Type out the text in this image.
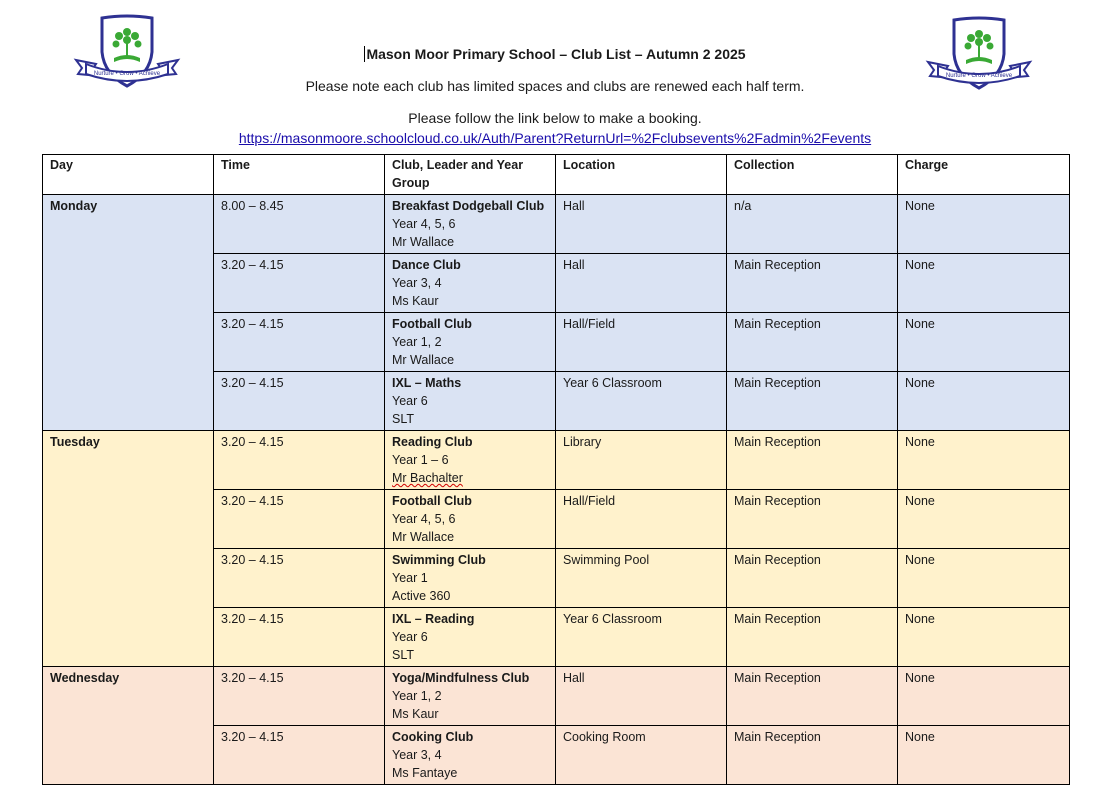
Nurture • Grow • Achieve	Nurture • Grow • Achieve
Mason Moor Primary School – Club List – Autumn 2 2025
Please note each club has limited spaces and clubs are renewed each half term.
Please follow the link below to make a booking.
https://masonmoore.schoolcloud.co.uk/Auth/Parent?ReturnUrl=%2Fclubsevents%2Fadmin%2Fevents
Day	Time	Club, Leader and Year Group	Location	Collection	Charge
Monday	8.00 – 8.45	Breakfast Dodgeball Club
Year 4, 5, 6
Mr Wallace	Hall	n/a	None
	3.20 – 4.15	Dance Club
Year 3, 4
Ms Kaur	Hall	Main Reception	None
	3.20 – 4.15	Football Club
Year 1, 2
Mr Wallace	Hall/Field	Main Reception	None
	3.20 – 4.15	IXL – Maths
Year 6
SLT	Year 6 Classroom	Main Reception	None
Tuesday	3.20 – 4.15	Reading Club
Year 1 – 6
Mr Bachalter	Library	Main Reception	None
	3.20 – 4.15	Football Club
Year 4, 5, 6
Mr Wallace	Hall/Field	Main Reception	None
	3.20 – 4.15	Swimming Club
Year 1
Active 360	Swimming Pool	Main Reception	None
	3.20 – 4.15	IXL – Reading
Year 6
SLT	Year 6 Classroom	Main Reception	None
Wednesday	3.20 – 4.15	Yoga/Mindfulness Club
Year 1, 2
Ms Kaur	Hall	Main Reception	None
	3.20 – 4.15	Cooking Club
Year 3, 4
Ms Fantaye	Cooking Room	Main Reception	None
